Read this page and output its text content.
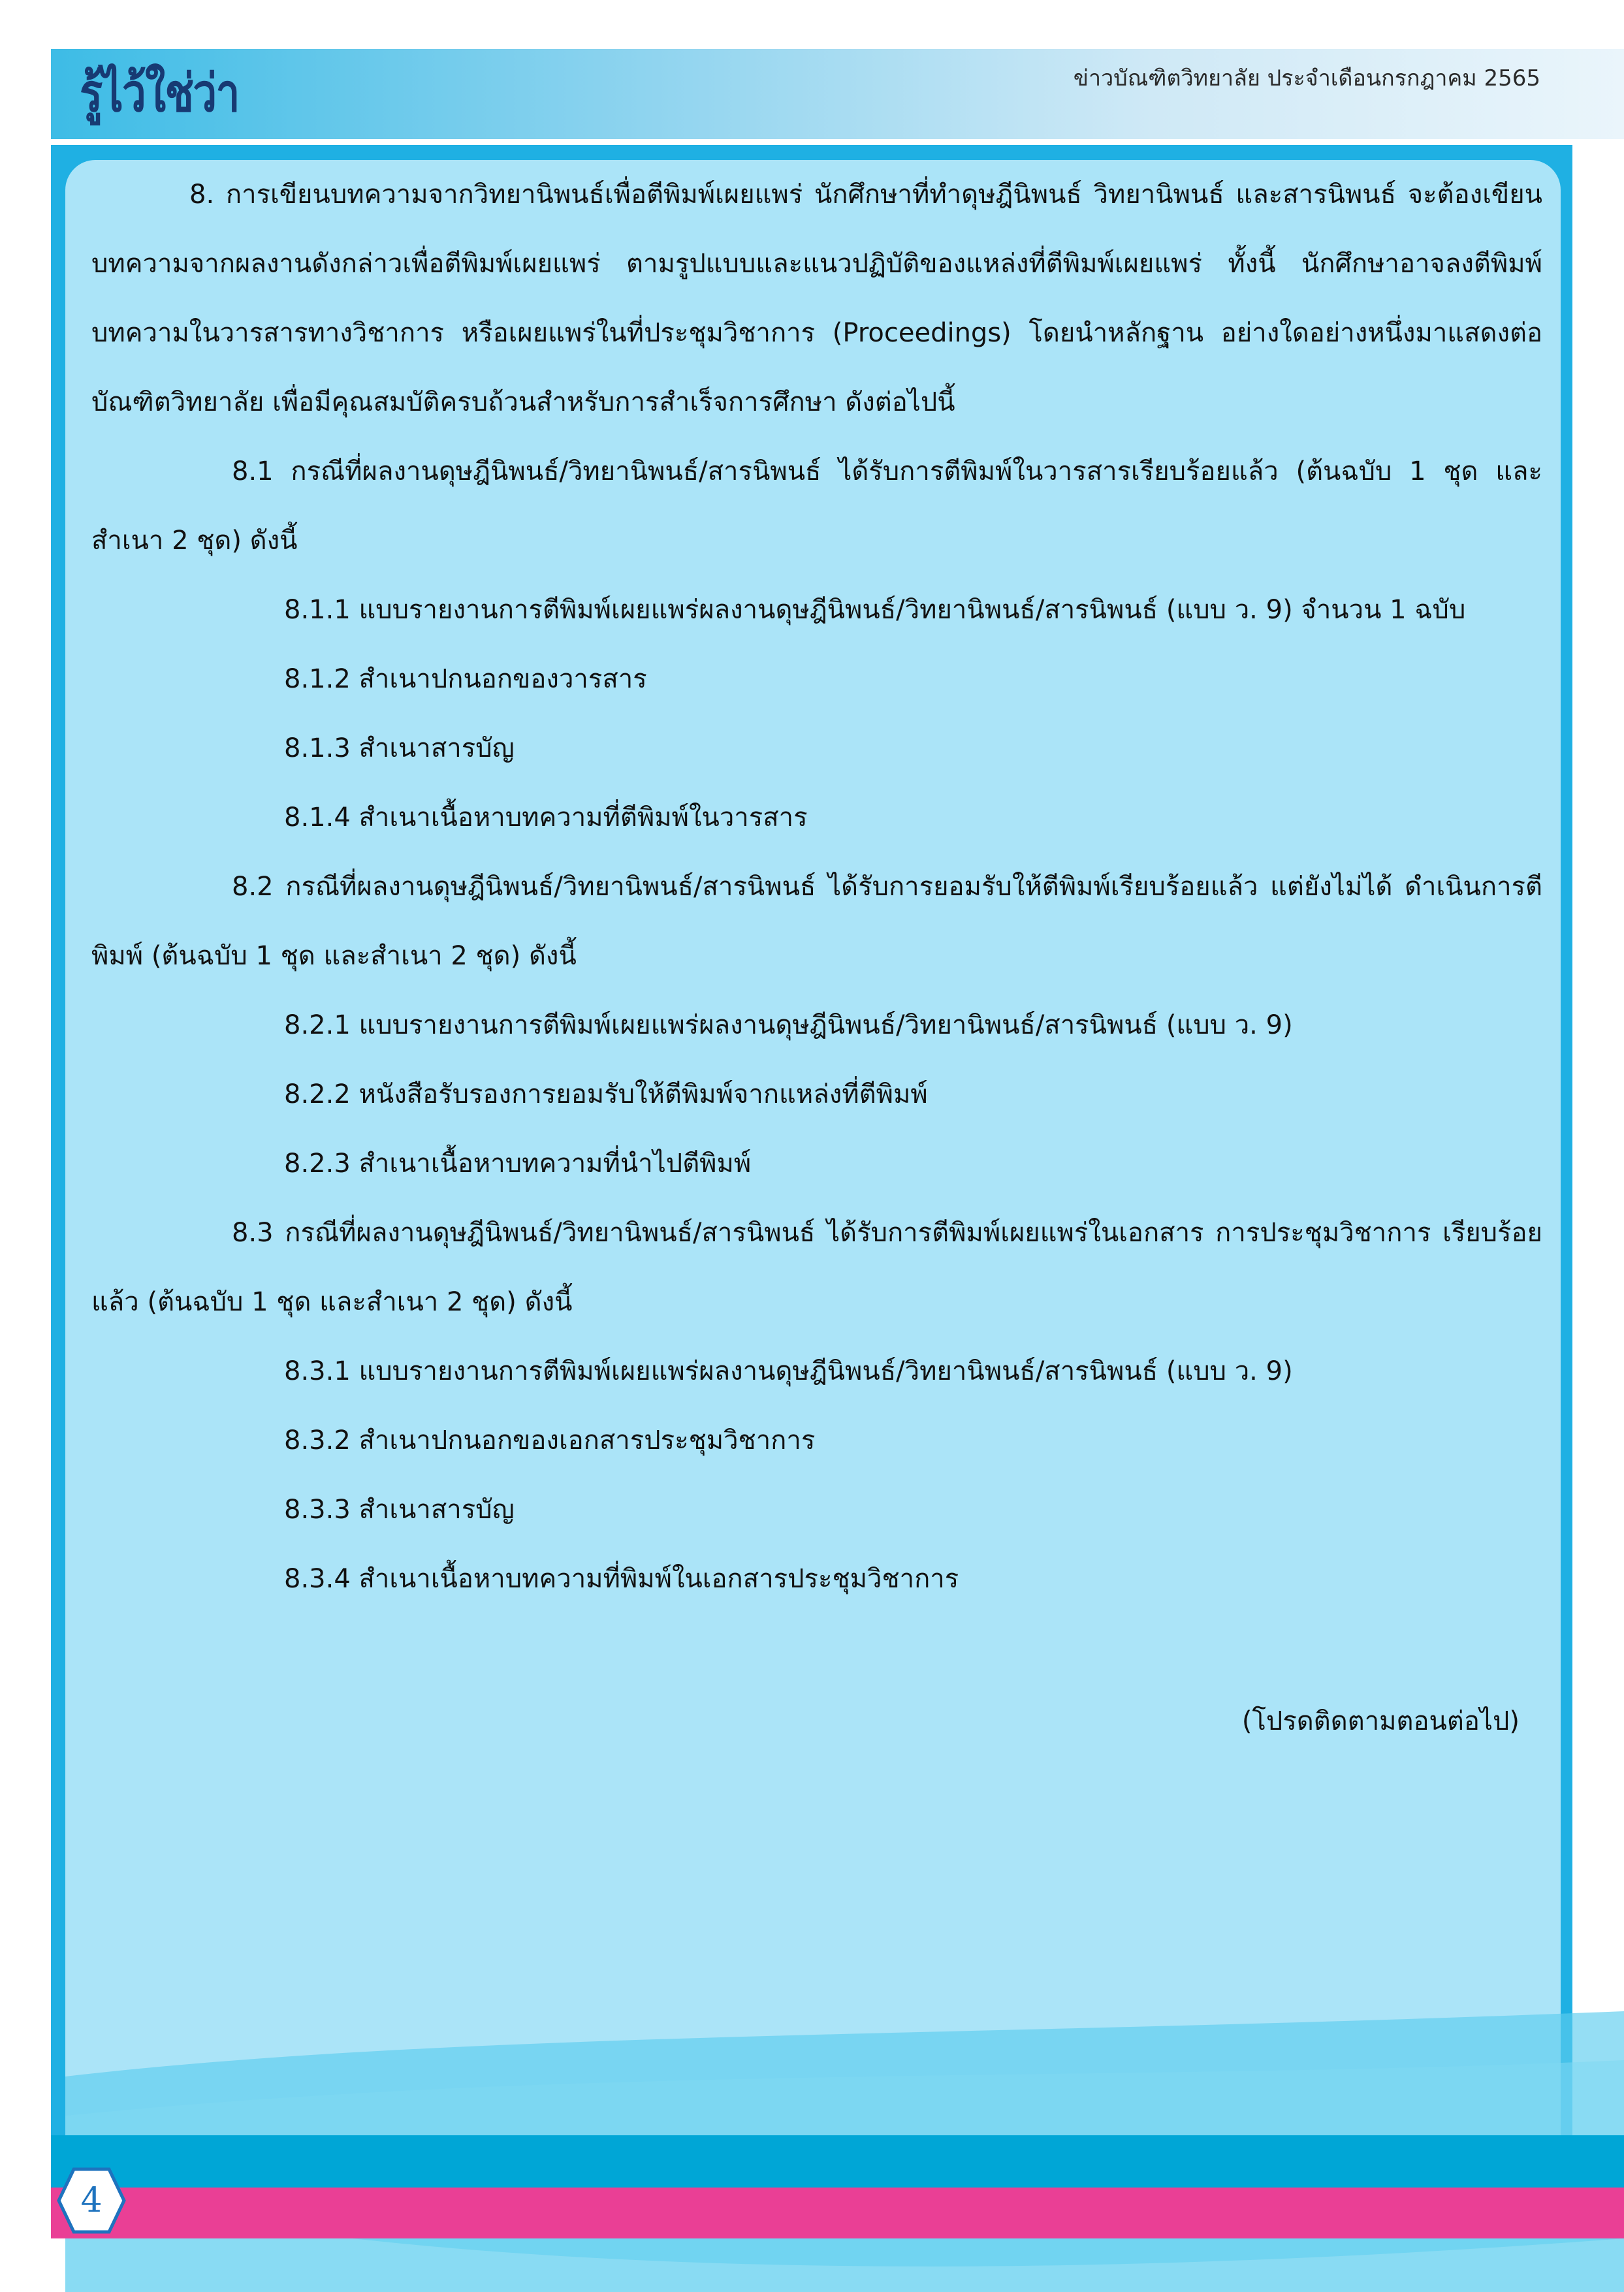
รู้ไว้ใช่ว่า	ข่าวบัณฑิตวิทยาลัย ประจำเดือนกรกฎาคม 2565

8. การเขียนบทความจากวิทยานิพนธ์เพื่อตีพิมพ์เผยแพร่ นักศึกษาที่ทำดุษฎีนิพนธ์ วิทยานิพนธ์ และสารนิพนธ์ จะต้องเขียนบทความจากผลงานดังกล่าวเพื่อตีพิมพ์เผยแพร่ ตามรูปแบบและแนวปฏิบัติของแหล่งที่ตีพิมพ์เผยแพร่ ทั้งนี้ นักศึกษาอาจลงตีพิมพ์บทความในวารสารทางวิชาการ หรือเผยแพร่ในที่ประชุมวิชาการ (Proceedings) โดยนำหลักฐาน อย่างใดอย่างหนึ่งมาแสดงต่อบัณฑิตวิทยาลัย เพื่อมีคุณสมบัติครบถ้วนสำหรับการสำเร็จการศึกษา ดังต่อไปนี้

8.1 กรณีที่ผลงานดุษฎีนิพนธ์/วิทยานิพนธ์/สารนิพนธ์ ได้รับการตีพิมพ์ในวารสารเรียบร้อยแล้ว (ต้นฉบับ 1 ชุด และสำเนา 2 ชุด) ดังนี้

8.1.1 แบบรายงานการตีพิมพ์เผยแพร่ผลงานดุษฎีนิพนธ์/วิทยานิพนธ์/สารนิพนธ์ (แบบ ว. 9) จำนวน 1 ฉบับ

8.1.2 สำเนาปกนอกของวารสาร

8.1.3 สำเนาสารบัญ

8.1.4 สำเนาเนื้อหาบทความที่ตีพิมพ์ในวารสาร

8.2 กรณีที่ผลงานดุษฎีนิพนธ์/วิทยานิพนธ์/สารนิพนธ์ ได้รับการยอมรับให้ตีพิมพ์เรียบร้อยแล้ว แต่ยังไม่ได้ ดำเนินการตีพิมพ์ (ต้นฉบับ 1 ชุด และสำเนา 2 ชุด) ดังนี้

8.2.1 แบบรายงานการตีพิมพ์เผยแพร่ผลงานดุษฎีนิพนธ์/วิทยานิพนธ์/สารนิพนธ์ (แบบ ว. 9)

8.2.2 หนังสือรับรองการยอมรับให้ตีพิมพ์จากแหล่งที่ตีพิมพ์

8.2.3 สำเนาเนื้อหาบทความที่นำไปตีพิมพ์

8.3 กรณีที่ผลงานดุษฎีนิพนธ์/วิทยานิพนธ์/สารนิพนธ์ ได้รับการตีพิมพ์เผยแพร่ในเอกสาร การประชุมวิชาการ เรียบร้อยแล้ว (ต้นฉบับ 1 ชุด และสำเนา 2 ชุด) ดังนี้

8.3.1 แบบรายงานการตีพิมพ์เผยแพร่ผลงานดุษฎีนิพนธ์/วิทยานิพนธ์/สารนิพนธ์ (แบบ ว. 9)

8.3.2 สำเนาปกนอกของเอกสารประชุมวิชาการ

8.3.3 สำเนาสารบัญ

8.3.4 สำเนาเนื้อหาบทความที่พิมพ์ในเอกสารประชุมวิชาการ

(โปรดติดตามตอนต่อไป)
4
